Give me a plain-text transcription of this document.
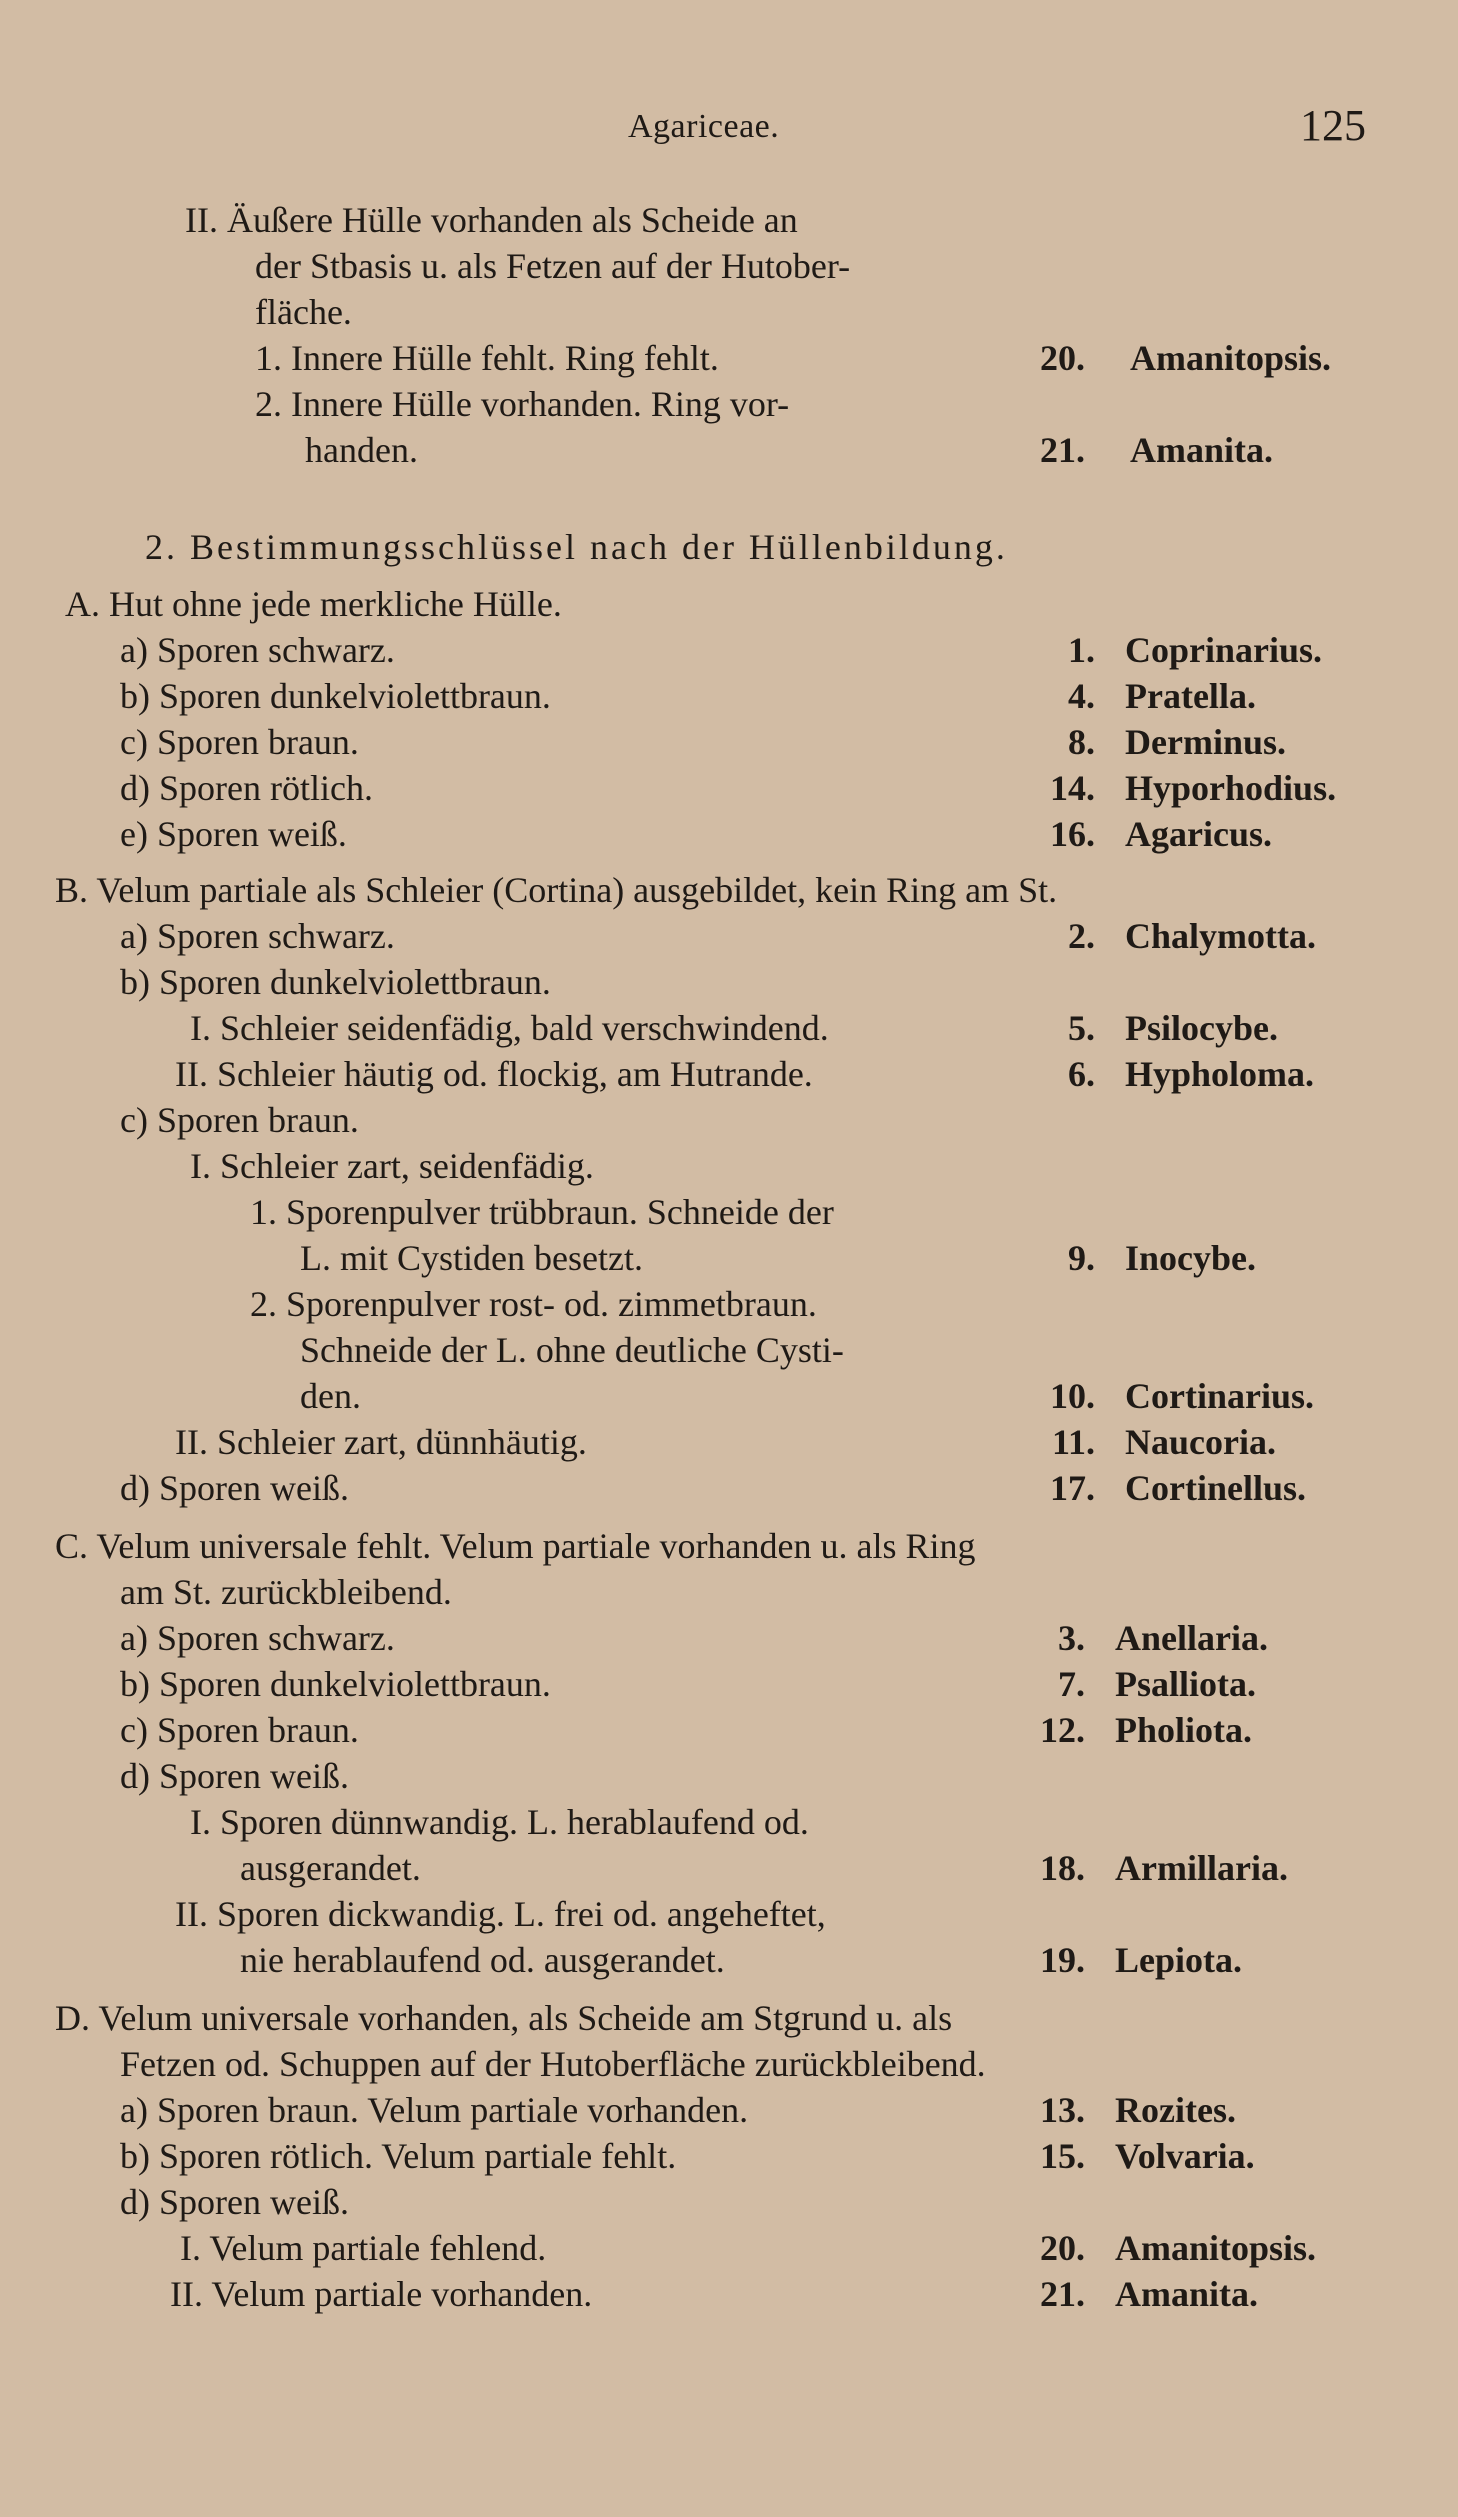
Agariceae.	125
II. Äußere Hülle vorhanden als Scheide an
der Stbasis u. als Fetzen auf der Hutober-
fläche.
1. Innere Hülle fehlt. Ring fehlt.	20. Amanitopsis.
2. Innere Hülle vorhanden. Ring vor-
handen.	21. Amanita.
2. Bestimmungsschlüssel nach der Hüllenbildung.
A. Hut ohne jede merkliche Hülle.
a) Sporen schwarz.	1. Coprinarius.
b) Sporen dunkelviolettbraun.	4. Pratella.
c) Sporen braun.	8. Derminus.
d) Sporen rötlich.	14. Hyporhodius.
e) Sporen weiß.	16. Agaricus.
B. Velum partiale als Schleier (Cortina) ausgebildet, kein Ring am St.
a) Sporen schwarz.	2. Chalymotta.
b) Sporen dunkelviolettbraun.
I. Schleier seidenfädig, bald verschwindend.	5. Psilocybe.
II. Schleier häutig od. flockig, am Hutrande.	6. Hypholoma.
c) Sporen braun.
I. Schleier zart, seidenfädig.
1. Sporenpulver trübbraun. Schneide der
L. mit Cystiden besetzt.	9. Inocybe.
2. Sporenpulver rost- od. zimmetbraun.
Schneide der L. ohne deutliche Cysti-
den.	10. Cortinarius.
II. Schleier zart, dünnhäutig.	11. Naucoria.
d) Sporen weiß.	17. Cortinellus.
C. Velum universale fehlt. Velum partiale vorhanden u. als Ring
am St. zurückbleibend.
a) Sporen schwarz.	3. Anellaria.
b) Sporen dunkelviolettbraun.	7. Psalliota.
c) Sporen braun.	12. Pholiota.
d) Sporen weiß.
I. Sporen dünnwandig. L. herablaufend od.
ausgerandet.	18. Armillaria.
II. Sporen dickwandig. L. frei od. angeheftet,
nie herablaufend od. ausgerandet.	19. Lepiota.
D. Velum universale vorhanden, als Scheide am Stgrund u. als
Fetzen od. Schuppen auf der Hutoberfläche zurückbleibend.
a) Sporen braun. Velum partiale vorhanden.	13. Rozites.
b) Sporen rötlich. Velum partiale fehlt.	15. Volvaria.
d) Sporen weiß.
I. Velum partiale fehlend.	20. Amanitopsis.
II. Velum partiale vorhanden.	21. Amanita.
